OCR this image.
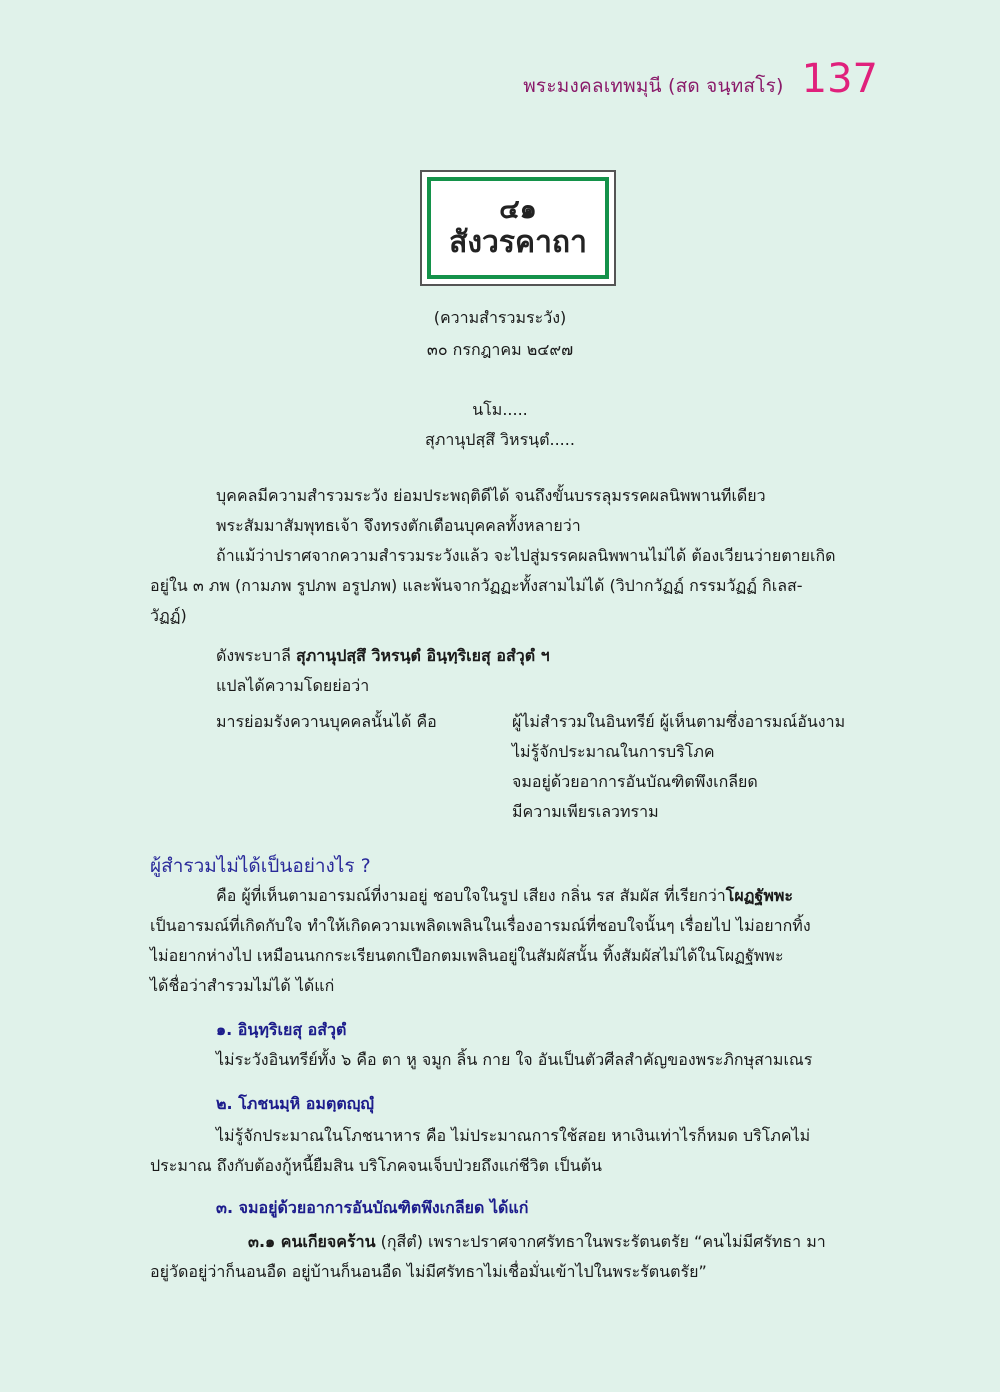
พระมงคลเทพมุนี (สด จนฺทสโร) 137
๔๑
สังวรคาถา
(ความสำรวมระวัง)
๓๐ กรกฎาคม ๒๔๙๗
นโม.....
สุภานุปสฺสึ วิหรนฺตํ.....
บุคคลมีความสำรวมระวัง ย่อมประพฤติดีได้ จนถึงขั้นบรรลุมรรคผลนิพพานทีเดียว
พระสัมมาสัมพุทธเจ้า จึงทรงตักเตือนบุคคลทั้งหลายว่า
ถ้าแม้ว่าปราศจากความสำรวมระวังแล้ว จะไปสู่มรรคผลนิพพานไม่ได้ ต้องเวียนว่ายตายเกิด
อยู่ใน ๓ ภพ (กามภพ รูปภพ อรูปภพ) และพ้นจากวัฏฏะทั้งสามไม่ได้ (วิปากวัฏฏ์ กรรมวัฏฏ์ กิเลส-
วัฏฏ์)
ดังพระบาลี สุภานุปสฺสึ วิหรนฺตํ อินฺทฺริเยสุ อสํวุตํ ฯ
แปลได้ความโดยย่อว่า
มารย่อมรังควานบุคคลนั้นได้ คือ	ผู้ไม่สำรวมในอินทรีย์ ผู้เห็นตามซึ่งอารมณ์อันงาม
ไม่รู้จักประมาณในการบริโภค
จมอยู่ด้วยอาการอันบัณฑิตพึงเกลียด
มีความเพียรเลวทราม
ผู้สำรวมไม่ได้เป็นอย่างไร ?
คือ ผู้ที่เห็นตามอารมณ์ที่งามอยู่ ชอบใจในรูป เสียง กลิ่น รส สัมผัส ที่เรียกว่าโผฏฐัพพะ
เป็นอารมณ์ที่เกิดกับใจ ทำให้เกิดความเพลิดเพลินในเรื่องอารมณ์ที่ชอบใจนั้นๆ เรื่อยไป ไม่อยากทิ้ง
ไม่อยากห่างไป เหมือนนกกระเรียนตกเปือกตมเพลินอยู่ในสัมผัสนั้น ทิ้งสัมผัสไม่ได้ในโผฏฐัพพะ
ได้ชื่อว่าสำรวมไม่ได้ ได้แก่
๑. อินฺทฺริเยสุ อสํวุตํ
ไม่ระวังอินทรีย์ทั้ง ๖ คือ ตา หู จมูก ลิ้น กาย ใจ อันเป็นตัวศีลสำคัญของพระภิกษุสามเณร
๒. โภชนมฺหิ อมตฺตญฺญุํ
ไม่รู้จักประมาณในโภชนาหาร คือ ไม่ประมาณการใช้สอย หาเงินเท่าไรก็หมด บริโภคไม่
ประมาณ ถึงกับต้องกู้หนี้ยืมสิน บริโภคจนเจ็บป่วยถึงแก่ชีวิต เป็นต้น
๓. จมอยู่ด้วยอาการอันบัณฑิตพึงเกลียด ได้แก่
๓.๑ คนเกียจคร้าน (กุสีตํ) เพราะปราศจากศรัทธาในพระรัตนตรัย “คนไม่มีศรัทธา มา
อยู่วัดอยู่ว่าก็นอนอืด อยู่บ้านก็นอนอืด ไม่มีศรัทธาไม่เชื่อมั่นเข้าไปในพระรัตนตรัย”
